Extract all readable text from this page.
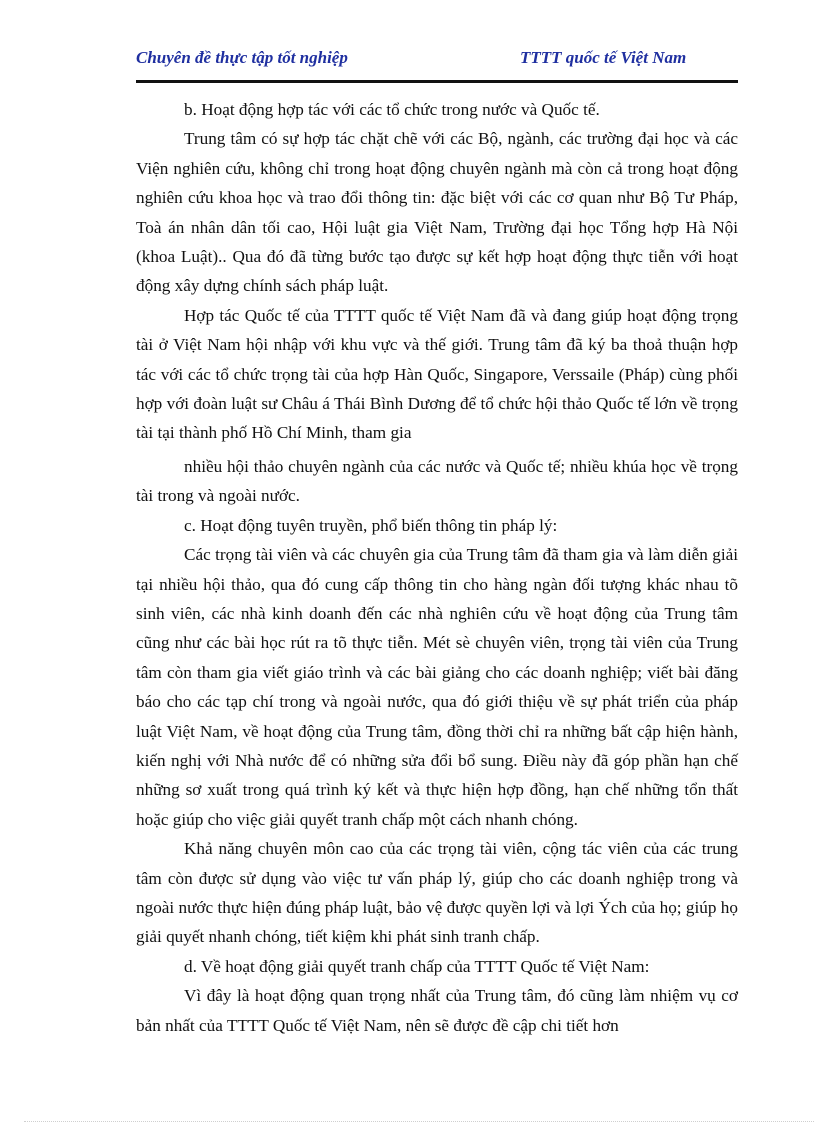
Chuyên đề thực tập tốt nghiệp	TTTT quốc tế Việt Nam

b. Hoạt động hợp tác với các tổ chức trong nước và Quốc tế.

Trung tâm có sự hợp tác chặt chẽ với các Bộ, ngành, các trường đại học và các Viện nghiên cứu, không chỉ trong hoạt động chuyên ngành mà còn cả trong hoạt động nghiên cứu khoa học và trao đổi thông tin: đặc biệt với các cơ quan như Bộ Tư Pháp, Toà án nhân dân tối cao, Hội luật gia Việt Nam, Trường đại học Tổng hợp Hà Nội (khoa Luật).. Qua đó đã từng bước tạo được sự kết hợp hoạt động thực tiễn với hoạt động xây dựng chính sách pháp luật.

Hợp tác Quốc tế của TTTT quốc tế Việt Nam đã và đang giúp hoạt động trọng tài ở Việt Nam hội nhập với khu vực và thế giới. Trung tâm đã ký ba thoả thuận hợp tác với các tổ chức trọng tài của hợp Hàn Quốc, Singapore, Verssaile (Pháp) cùng phối hợp với đoàn luật sư Châu á Thái Bình Dương để tổ chức hội thảo Quốc tế lớn về trọng tài tại thành phố Hồ Chí Minh, tham gia

nhiều hội thảo chuyên ngành của các nước và Quốc tế; nhiều khúa học về trọng tài trong và ngoài nước.

c. Hoạt động tuyên truyền, phổ biến thông tin pháp lý:

Các trọng tài viên và các chuyên gia của Trung tâm đã tham gia và làm diễn giải tại nhiều hội thảo, qua đó cung cấp thông tin cho hàng ngàn đối tượng khác nhau tõ sinh viên, các nhà kinh doanh đến các nhà nghiên cứu về hoạt động của Trung tâm cũng như các bài học rút ra tõ thực tiễn. Mét sè chuyên viên, trọng tài viên của Trung tâm còn tham gia viết giáo trình và các bài giảng cho các doanh nghiệp; viết bài đăng báo cho các tạp chí trong và ngoài nước, qua đó giới thiệu về sự phát triển của pháp luật Việt Nam, về hoạt động của Trung tâm, đồng thời chỉ ra những bất cập hiện hành, kiến nghị với Nhà nước để có những sửa đổi bổ sung. Điều này đã góp phần hạn chế những sơ xuất trong quá trình ký kết và thực hiện hợp đồng, hạn chế những tổn thất hoặc giúp cho việc giải quyết tranh chấp một cách nhanh chóng.

Khả năng chuyên môn cao của các trọng tài viên, cộng tác viên của các trung tâm còn được sử dụng vào việc tư vấn pháp lý, giúp cho các doanh nghiệp trong và ngoài nước thực hiện đúng pháp luật, bảo vệ được quyền lợi và lợi Ých của họ; giúp họ giải quyết nhanh chóng, tiết kiệm khi phát sinh tranh chấp.

d. Về hoạt động giải quyết tranh chấp của TTTT Quốc tế Việt Nam:

Vì đây là hoạt động quan trọng nhất của Trung tâm, đó cũng làm nhiệm vụ cơ bản nhất của TTTT Quốc tế Việt Nam, nên sẽ được đề cập chi tiết hơn
